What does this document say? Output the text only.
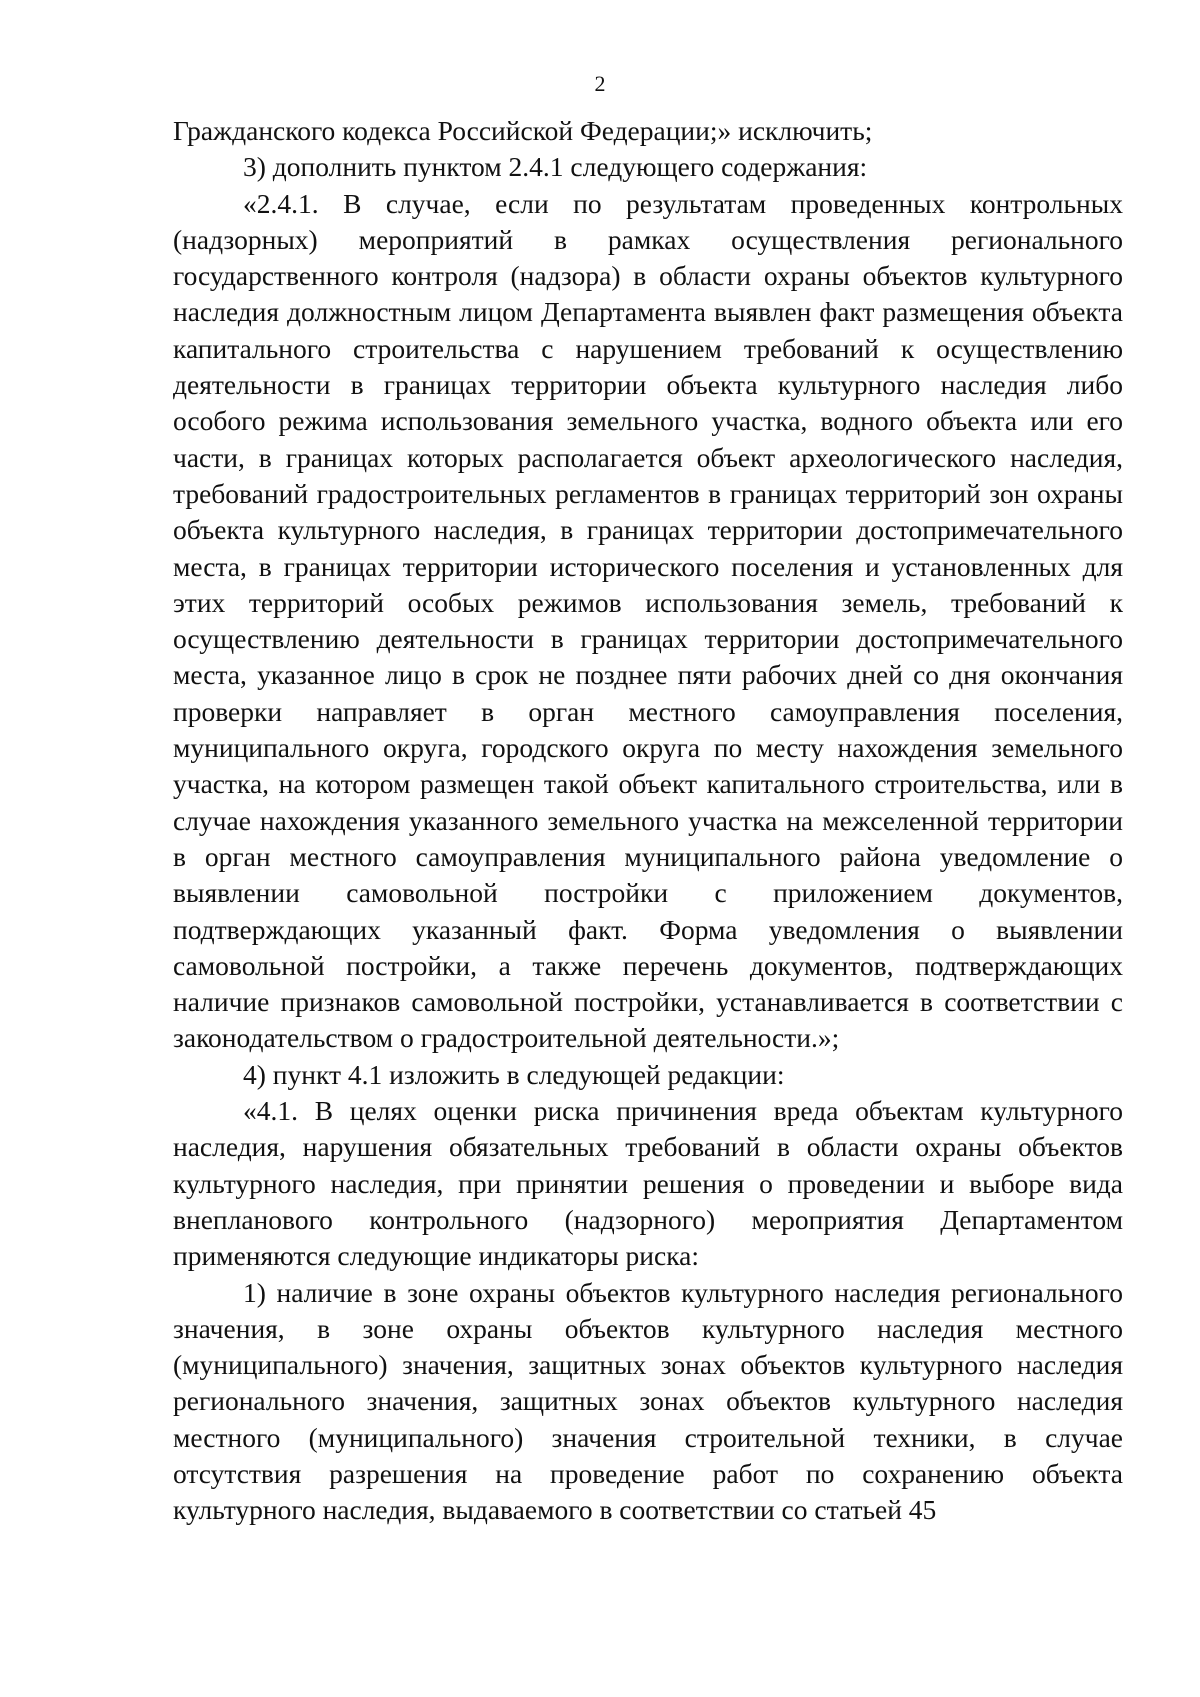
2

Гражданского кодекса Российской Федерации;» исключить;

3) дополнить пунктом 2.4.1 следующего содержания:

«2.4.1. В случае, если по результатам проведенных контрольных (надзорных) мероприятий в рамках осуществления регионального государственного контроля (надзора) в области охраны объектов культурного наследия должностным лицом Департамента выявлен факт размещения объекта капитального строительства с нарушением требований к осуществлению деятельности в границах территории объекта культурного наследия либо особого режима использования земельного участка, водного объекта или его части, в границах которых располагается объект археологического наследия, требований градостроительных регламентов в границах территорий зон охраны объекта культурного наследия, в границах территории достопримечательного места, в границах территории исторического поселения и установленных для этих территорий особых режимов использования земель, требований к осуществлению деятельности в границах территории достопримечательного места, указанное лицо в срок не позднее пяти рабочих дней со дня окончания проверки направляет в орган местного самоуправления поселения, муниципального округа, городского округа по месту нахождения земельного участка, на котором размещен такой объект капитального строительства, или в случае нахождения указанного земельного участка на межселенной территории в орган местного самоуправления муниципального района уведомление о выявлении самовольной постройки с приложением документов, подтверждающих указанный факт. Форма уведомления о выявлении самовольной постройки, а также перечень документов, подтверждающих наличие признаков самовольной постройки, устанавливается в соответствии с законодательством о градостроительной деятельности.»;

4) пункт 4.1 изложить в следующей редакции:

«4.1. В целях оценки риска причинения вреда объектам культурного наследия, нарушения обязательных требований в области охраны объектов культурного наследия, при принятии решения о проведении и выборе вида внепланового контрольного (надзорного) мероприятия Департаментом применяются следующие индикаторы риска:

1) наличие в зоне охраны объектов культурного наследия регионального значения, в зоне охраны объектов культурного наследия местного (муниципального) значения, защитных зонах объектов культурного наследия регионального значения, защитных зонах объектов культурного наследия местного (муниципального) значения строительной техники, в случае отсутствия разрешения на проведение работ по сохранению объекта культурного наследия, выдаваемого в соответствии со статьей 45
